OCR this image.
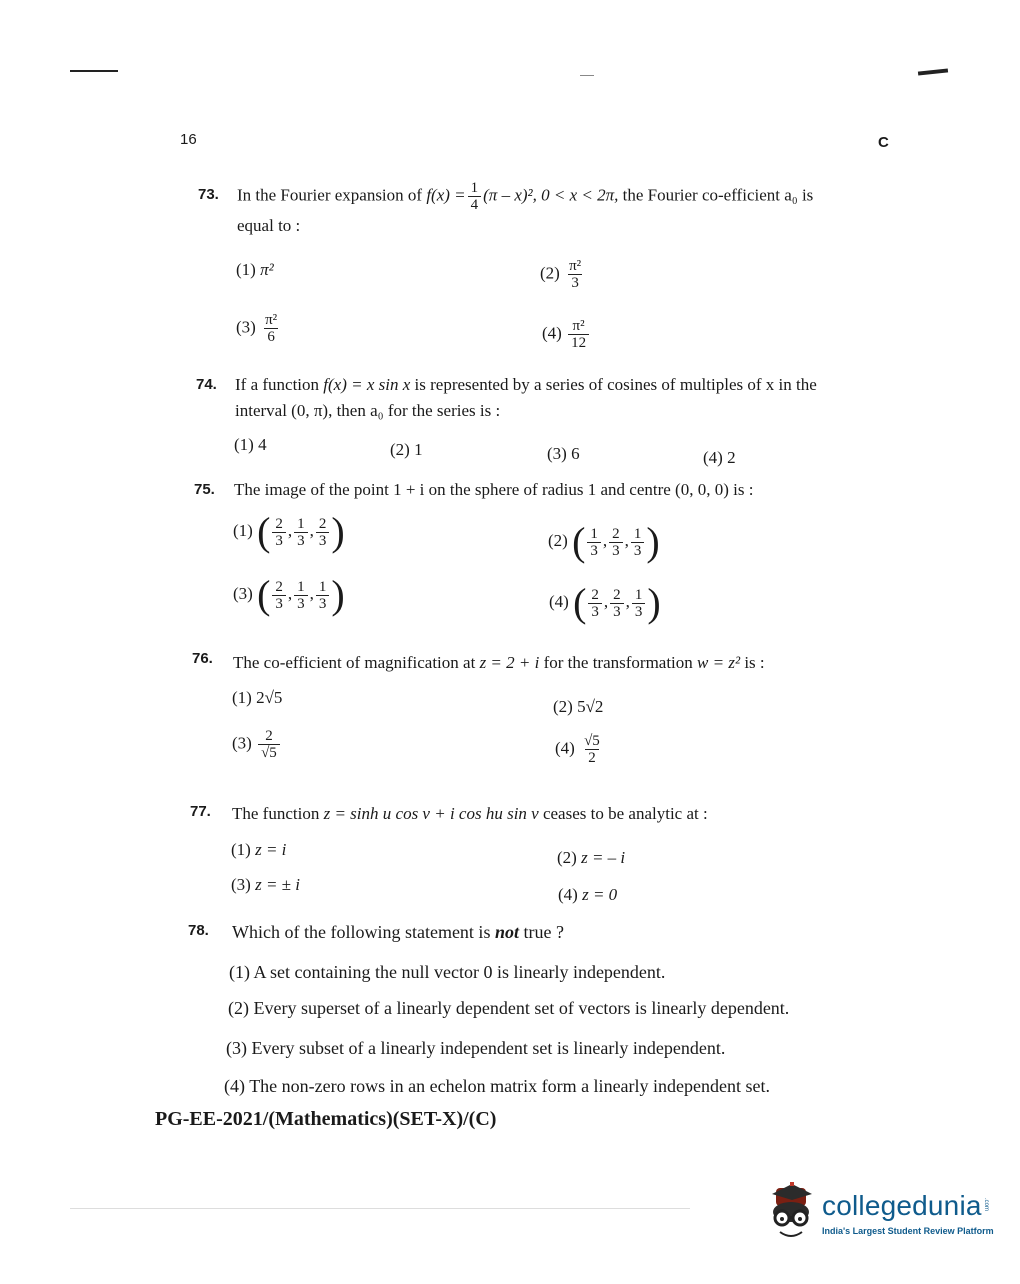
16	C
73. In the Fourier expansion of $f(x) = \frac{1}{4} (\pi - x)^2$, 0 < x < 2π, the Fourier co-efficient a₀ is
equal to :
(1) π²	$(2) \frac{\text{π²}}{3}$
$(3) \frac{\text{π²}}{6}$	$(4) \frac{\text{π²}}{12}$
74. If a function f(x) = x sin x is represented by a series of cosines of multiples of x in the
interval (0, π), then a₀ for the series is :
(1) 4	(2) 1	(3) 6	(4) 2
75. The image of the point 1 + i on the sphere of radius 1 and centre (0, 0, 0) is :
(1) ( $\frac{2}{3}$ , $\frac{1}{3}$ , $\frac{2}{3}$ )	(2) ( $\frac{1}{3}$ , $\frac{2}{3}$ , $\frac{1}{3}$ )
(3) ( $\frac{2}{3}$ , $\frac{1}{3}$ , $\frac{1}{3}$ )	(4) ( $\frac{2}{3}$ , $\frac{2}{3}$ , $\frac{1}{3}$ )
76. The co-efficient of magnification at z = 2 + i for the transformation w = z² is :
(1) 2√5	(2) 5√2
$(3) \frac{2}{√5}$	$(4) \frac{√5}{2}$
77. The function z = sinh u cos v + i cos hu sin v ceases to be analytic at :
(1) z = i	(2) z = – i
(3) z = ± i
(4) z = 0
78. Which of the following statement is not true ?
(1) A set containing the null vector 0 is linearly independent.
(2) Every superset of a linearly dependent set of vectors is linearly dependent.
(3) Every subset of a linearly independent set is linearly independent.
(4) The non-zero rows in an echelon matrix form a linearly independent set.
PG-EE-2021/(Mathematics)(SET-X)/(C)
collegedunia .com
India's Largest Student Review Platform
